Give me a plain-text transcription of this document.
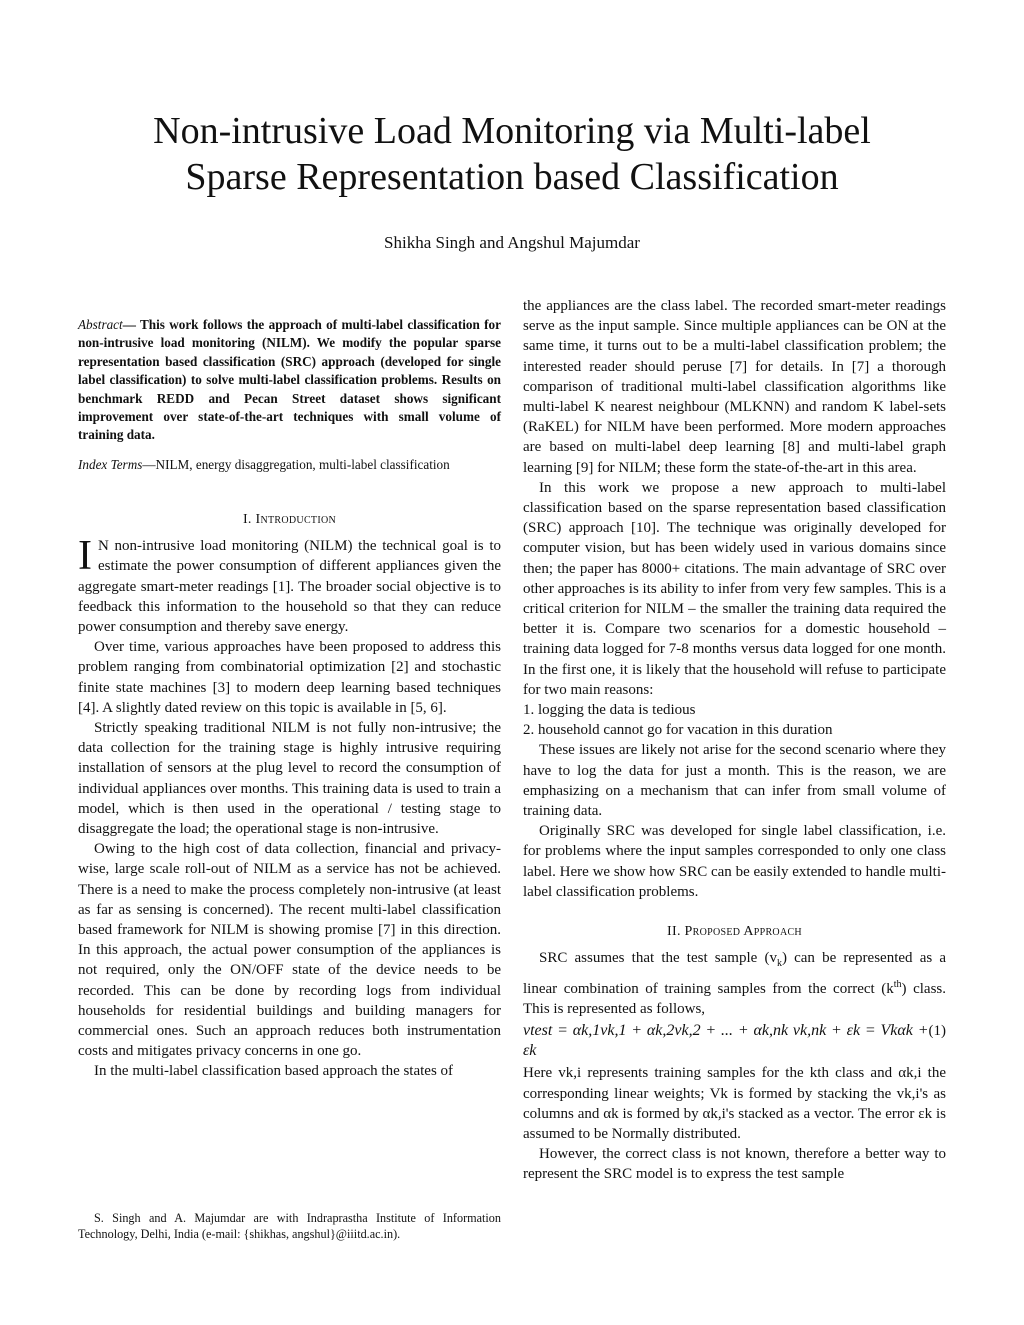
Non-intrusive Load Monitoring via Multi-label
Sparse Representation based Classification
Shikha Singh and Angshul Majumdar
Abstract— This work follows the approach of multi-label classification for non-intrusive load monitoring (NILM). We modify the popular sparse representation based classification (SRC) approach (developed for single label classification) to solve multi-label classification problems. Results on benchmark REDD and Pecan Street dataset shows significant improvement over state-of-the-art techniques with small volume of training data.
Index Terms—NILM, energy disaggregation, multi-label classification
I. Introduction

I N non-intrusive load monitoring (NILM) the technical goal is to estimate the power consumption of different appliances given the aggregate smart-meter readings [1]. The broader social objective is to feedback this information to the household so that they can reduce power consumption and thereby save energy.

Over time, various approaches have been proposed to address this problem ranging from combinatorial optimization [2] and stochastic finite state machines [3] to modern deep learning based techniques [4]. A slightly dated review on this topic is available in [5, 6].

Strictly speaking traditional NILM is not fully non-intrusive; the data collection for the training stage is highly intrusive requiring installation of sensors at the plug level to record the consumption of individual appliances over months. This training data is used to train a model, which is then used in the operational / testing stage to disaggregate the load; the operational stage is non-intrusive.

Owing to the high cost of data collection, financial and privacy-wise, large scale roll-out of NILM as a service has not be achieved. There is a need to make the process completely non-intrusive (at least as far as sensing is concerned). The recent multi-label classification based framework for NILM is showing promise [7] in this direction. In this approach, the actual power consumption of the appliances is not required, only the ON/OFF state of the device needs to be recorded. This can be done by recording logs from individual households for residential buildings and building managers for commercial ones. Such an approach reduces both instrumentation costs and mitigates privacy concerns in one go.

In the multi-label classification based approach the states of

S. Singh and A. Majumdar are with Indraprastha Institute of Information Technology, Delhi, India (e-mail: {shikhas, angshul}@iiitd.ac.in).

the appliances are the class label. The recorded smart-meter readings serve as the input sample. Since multiple appliances can be ON at the same time, it turns out to be a multi-label classification problem; the interested reader should peruse [7] for details. In [7] a thorough comparison of traditional multi-label classification algorithms like multi-label K nearest neighbour (MLKNN) and random K label-sets (RaKEL) for NILM have been performed. More modern approaches are based on multi-label deep learning [8] and multi-label graph learning [9] for NILM; these form the state-of-the-art in this area.

In this work we propose a new approach to multi-label classification based on the sparse representation based classification (SRC) approach [10]. The technique was originally developed for computer vision, but has been widely used in various domains since then; the paper has 8000+ citations. The main advantage of SRC over other approaches is its ability to infer from very few samples. This is a critical criterion for NILM – the smaller the training data required the better it is. Compare two scenarios for a domestic household – training data logged for 7-8 months versus data logged for one month. In the first one, it is likely that the household will refuse to participate for two main reasons:

1. logging the data is tedious

2. household cannot go for vacation in this duration

These issues are likely not arise for the second scenario where they have to log the data for just a month. This is the reason, we are emphasizing on a mechanism that can infer from small volume of training data.

Originally SRC was developed for single label classification, i.e. for problems where the input samples corresponded to only one class label. Here we show how SRC can be easily extended to handle multi-label classification problems.

II. Proposed Approach

SRC assumes that the test sample $(v_k)$ can be represented as a linear combination of training samples from the correct $(k^{th})$ class. This is represented as follows,

vtest = αk,1vk,1 + αk,2vk,2 + ... + αk,nk vk,nk + εk = Vkαk + εk
(1)

Here vk,i represents training samples for the kth class and αk,i the corresponding linear weights; Vk is formed by stacking the vk,i's as columns and αk is formed by αk,i's stacked as a vector. The error εk is assumed to be Normally distributed.

However, the correct class is not known, therefore a better way to represent the SRC model is to express the test sample
